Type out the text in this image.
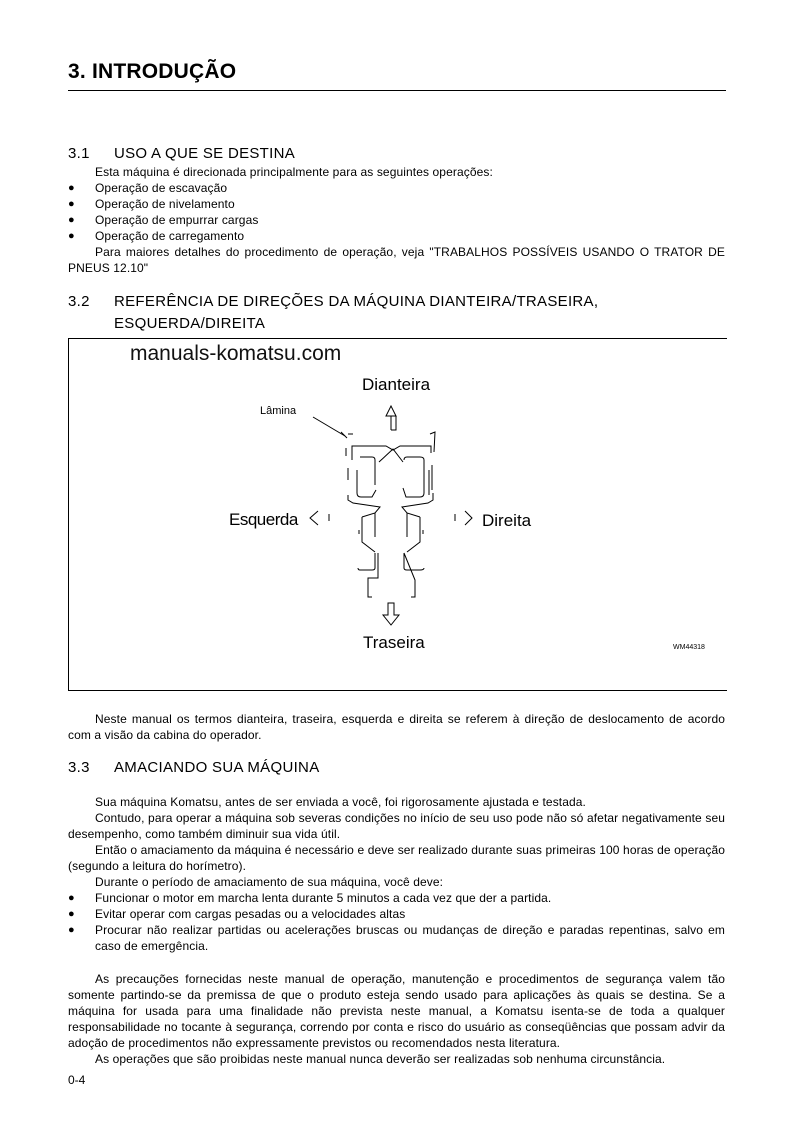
3. INTRODUÇÃO
3.1 USO A QUE SE DESTINA

Esta máquina é direcionada principalmente para as seguintes operações:

● Operação de escavação
● Operação de nivelamento
● Operação de empurrar cargas
● Operação de carregamento

Para maiores detalhes do procedimento de operação, veja "TRABALHOS POSSÍVEIS USANDO O TRATOR DE PNEUS 12.10"

3.2 REFERÊNCIA DE DIREÇÕES DA MÁQUINA DIANTEIRA/TRASEIRA,
ESQUERDA/DIREITA
Dianteira
Traseira
Esquerda	Direita
Lâmina
WM44318
manuals-komatsu.com

Neste manual os termos dianteira, traseira, esquerda e direita se referem à direção de deslocamento de acordo com a visão da cabina do operador.

3.3 AMACIANDO SUA MÁQUINA

Sua máquina Komatsu, antes de ser enviada a você, foi rigorosamente ajustada e testada.

Contudo, para operar a máquina sob severas condições no início de seu uso pode não só afetar negativamente seu desempenho, como também diminuir sua vida útil.

Então o amaciamento da máquina é necessário e deve ser realizado durante suas primeiras 100 horas de operação (segundo a leitura do horímetro).

Durante o período de amaciamento de sua máquina, você deve:

● Funcionar o motor em marcha lenta durante 5 minutos a cada vez que der a partida.
● Evitar operar com cargas pesadas ou a velocidades altas
● Procurar não realizar partidas ou acelerações bruscas ou mudanças de direção e paradas repentinas, salvo em caso de emergência.

As precauções fornecidas neste manual de operação, manutenção e procedimentos de segurança valem tão somente partindo-se da premissa de que o produto esteja sendo usado para aplicações às quais se destina. Se a máquina for usada para uma finalidade não prevista neste manual, a Komatsu isenta-se de toda a qualquer responsabilidade no tocante à segurança, correndo por conta e risco do usuário as conseqüências que possam advir da adoção de procedimentos não expressamente previstos ou recomendados nesta literatura.

As operações que são proibidas neste manual nunca deverão ser realizadas sob nenhuma circunstância.

0-4
